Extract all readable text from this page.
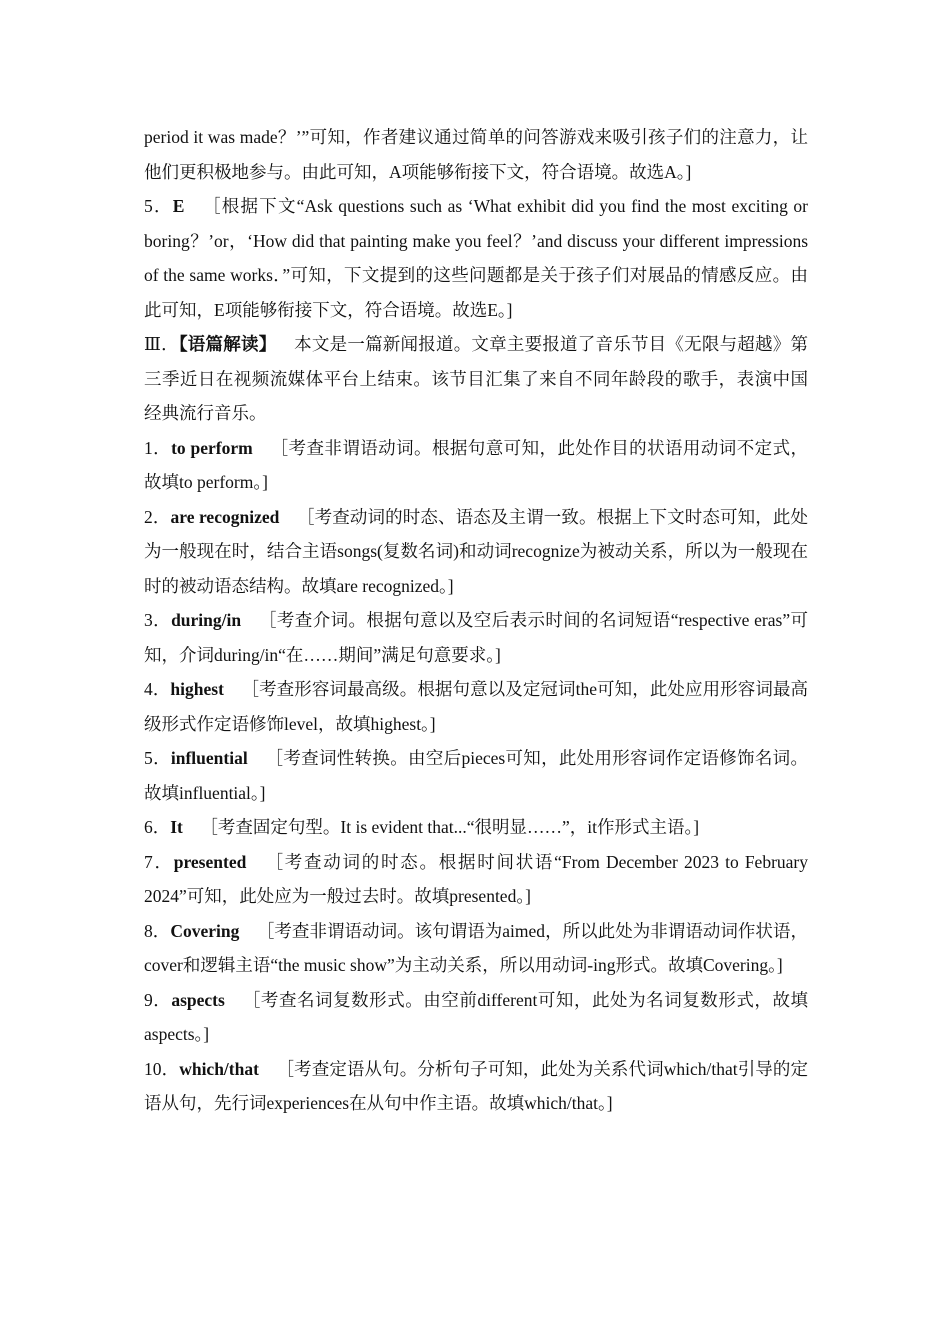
period it was made？’”可知，作者建议通过简单的问答游戏来吸引孩子们的注意力，让他们更积极地参与。由此可知，A项能够衔接下文，符合语境。故选A。]

5．E  ［根据下文“Ask questions such as ‘What exhibit did you find the most exciting or boring？’or，‘How did that painting make you feel？’and discuss your different impressions of the same works．”可知，下文提到的这些问题都是关于孩子们对展品的情感反应。由此可知，E项能够衔接下文，符合语境。故选E。]

Ⅲ．【语篇解读】  本文是一篇新闻报道。文章主要报道了音乐节目《无限与超越》第三季近日在视频流媒体平台上结束。该节目汇集了来自不同年龄段的歌手，表演中国经典流行音乐。

1．to perform  ［考查非谓语动词。根据句意可知，此处作目的状语用动词不定式，故填to perform。]

2．are recognized  ［考查动词的时态、语态及主谓一致。根据上下文时态可知，此处为一般现在时，结合主语songs(复数名词)和动词recognize为被动关系，所以为一般现在时的被动语态结构。故填are recognized。]

3．during/in  ［考查介词。根据句意以及空后表示时间的名词短语“respective eras”可知，介词during/in“在……期间”满足句意要求。]

4．highest  ［考查形容词最高级。根据句意以及定冠词the可知，此处应用形容词最高级形式作定语修饰level，故填highest。]

5．influential  ［考查词性转换。由空后pieces可知，此处用形容词作定语修饰名词。故填influential。]

6．It  ［考查固定句型。It is evident that...“很明显……”，it作形式主语。]

7．presented  ［考查动词的时态。根据时间状语“From December 2023 to February 2024”可知，此处应为一般过去时。故填presented。]

8．Covering  ［考查非谓语动词。该句谓语为aimed，所以此处为非谓语动词作状语，cover和逻辑主语“the music show”为主动关系，所以用动词-ing形式。故填Covering。]

9．aspects  ［考查名词复数形式。由空前different可知，此处为名词复数形式，故填aspects。]

10．which/that  ［考查定语从句。分析句子可知，此处为关系代词which/that引导的定语从句，先行词experiences在从句中作主语。故填which/that。]
